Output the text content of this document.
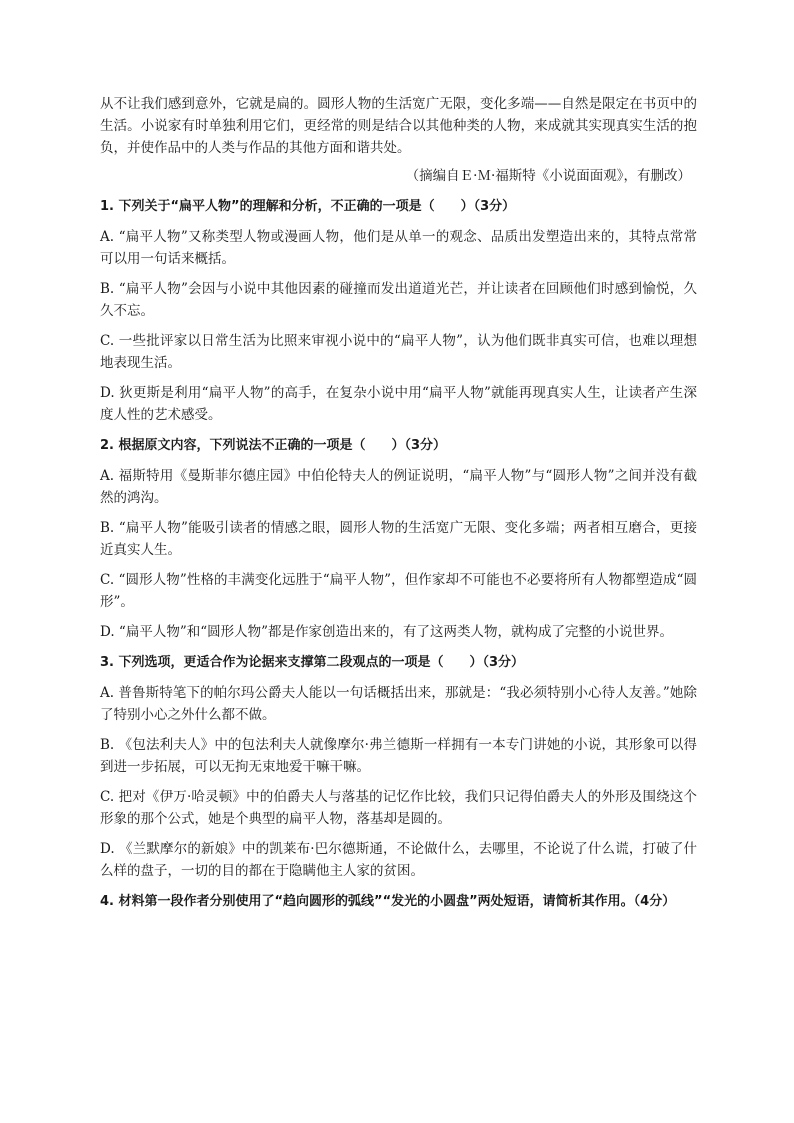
从不让我们感到意外，它就是扁的。圆形人物的生活宽广无限，变化多端——自然是限定在书页中的生活。小说家有时单独利用它们，更经常的则是结合以其他种类的人物，来成就其实现真实生活的抱负，并使作品中的人类与作品的其他方面和谐共处。

（摘编自Ｅ·Ｍ·福斯特《小说面面观》，有删改）

1. 下列关于“扁平人物”的理解和分析，不正确的一项是（　　）（3分）

A. “扁平人物”又称类型人物或漫画人物，他们是从单一的观念、品质出发塑造出来的，其特点常常可以用一句话来概括。

B. “扁平人物”会因与小说中其他因素的碰撞而发出道道光芒，并让读者在回顾他们时感到愉悦，久久不忘。

C. 一些批评家以日常生活为比照来审视小说中的“扁平人物”，认为他们既非真实可信，也难以理想地表现生活。

D. 狄更斯是利用“扁平人物”的高手，在复杂小说中用“扁平人物”就能再现真实人生，让读者产生深度人性的艺术感受。

2. 根据原文内容，下列说法不正确的一项是（　　）（3分）

A. 福斯特用《曼斯菲尔德庄园》中伯伦特夫人的例证说明，“扁平人物”与“圆形人物”之间并没有截然的鸿沟。

B. “扁平人物”能吸引读者的情感之眼，圆形人物的生活宽广无限、变化多端；两者相互磨合，更接近真实人生。

C. “圆形人物”性格的丰满变化远胜于“扁平人物”，但作家却不可能也不必要将所有人物都塑造成“圆形”。

D. “扁平人物”和“圆形人物”都是作家创造出来的，有了这两类人物，就构成了完整的小说世界。

3. 下列选项，更适合作为论据来支撑第二段观点的一项是（　　）（3分）

A. 普鲁斯特笔下的帕尔玛公爵夫人能以一句话概括出来，那就是：“我必须特别小心待人友善。”她除了特别小心之外什么都不做。

B. 《包法利夫人》中的包法利夫人就像摩尔·弗兰德斯一样拥有一本专门讲她的小说，其形象可以得到进一步拓展，可以无拘无束地爱干嘛干嘛。

C. 把对《伊万·哈灵顿》中的伯爵夫人与落基的记忆作比较，我们只记得伯爵夫人的外形及围绕这个形象的那个公式，她是个典型的扁平人物，落基却是圆的。

D. 《兰默摩尔的新娘》中的凯莱布·巴尔德斯通，不论做什么，去哪里，不论说了什么谎，打破了什么样的盘子，一切的目的都在于隐瞒他主人家的贫困。

4. 材料第一段作者分别使用了“趋向圆形的弧线”“发光的小圆盘”两处短语，请简析其作用。（4分）
